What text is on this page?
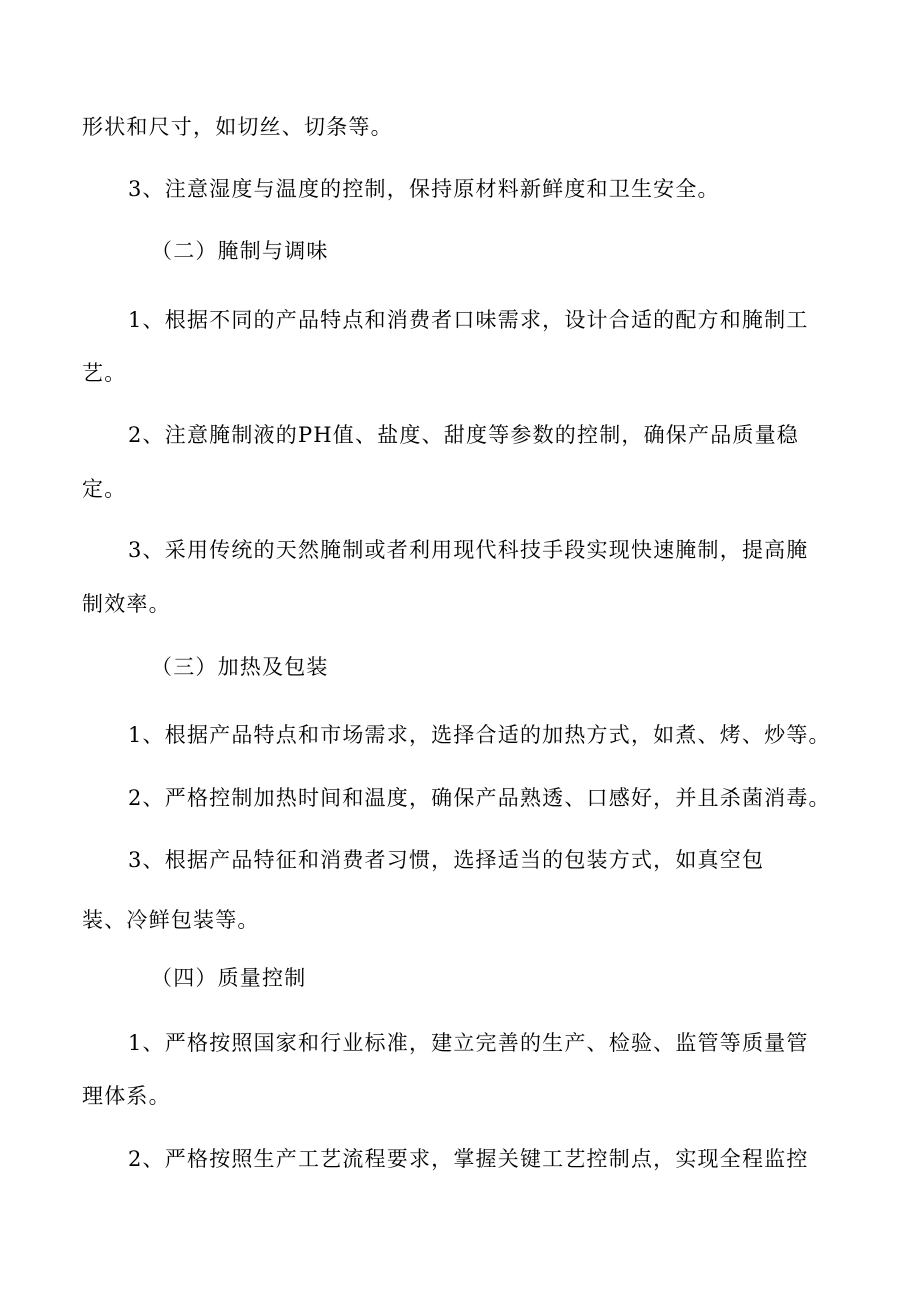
形状和尺寸，如切丝、切条等。
3、注意湿度与温度的控制，保持原材料新鲜度和卫生安全。
（二）腌制与调味
1、根据不同的产品特点和消费者口味需求，设计合适的配方和腌制工
艺。
2、注意腌制液的PH值、盐度、甜度等参数的控制，确保产品质量稳
定。
3、采用传统的天然腌制或者利用现代科技手段实现快速腌制，提高腌
制效率。
（三）加热及包装
1、根据产品特点和市场需求，选择合适的加热方式，如煮、烤、炒等。
2、严格控制加热时间和温度，确保产品熟透、口感好，并且杀菌消毒。
3、根据产品特征和消费者习惯，选择适当的包装方式，如真空包
装、冷鲜包装等。
（四）质量控制
1、严格按照国家和行业标准，建立完善的生产、检验、监管等质量管
理体系。
2、严格按照生产工艺流程要求，掌握关键工艺控制点，实现全程监控
